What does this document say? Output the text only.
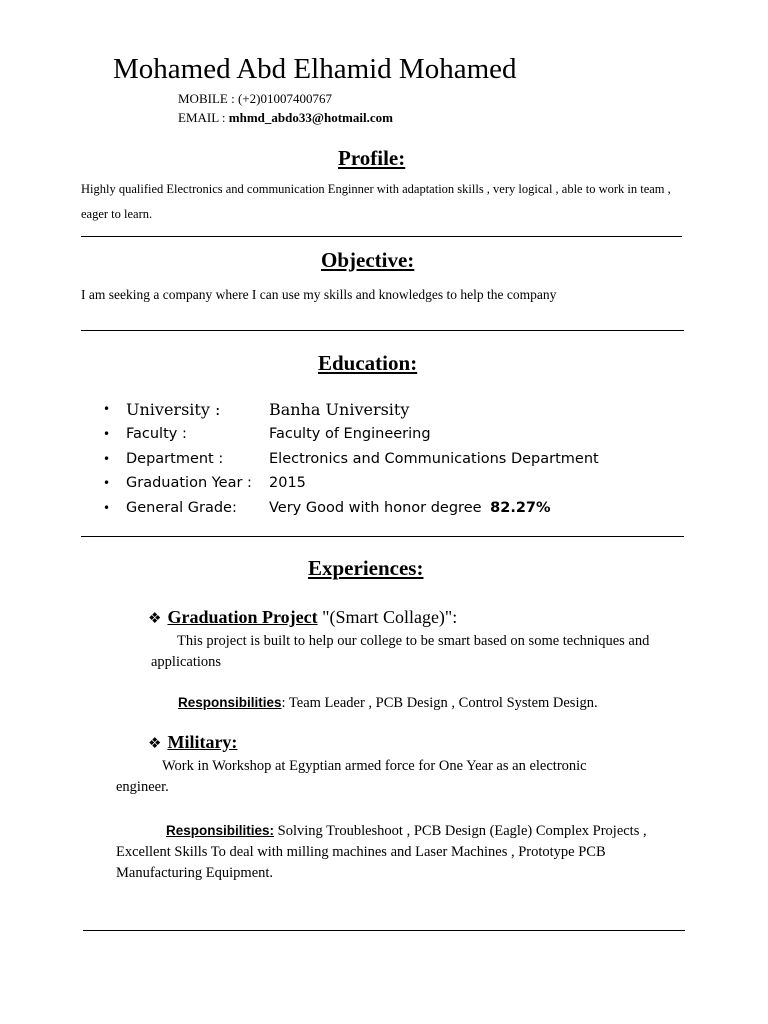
Mohamed Abd Elhamid Mohamed
MOBILE : (+2)01007400767
EMAIL : mhmd_abdo33@hotmail.com
Profile:
Highly qualified Electronics and communication Enginner with adaptation skills , very logical , able to work in team , eager to learn.
Objective:
I am seeking a company where I can use my skills and knowledges to help the company
Education:
• University :	Banha University
•	Faculty :	Faculty of Engineering
•	Department :	Electronics and Communications Department
•	Graduation Year :	2015
•	General Grade:	Very Good with honor degree 82.27%
Experiences:
❖ Graduation Project "(Smart Collage)":
This project is built to help our college to be smart based on some techniques and applications
Responsibilities: Team Leader , PCB Design , Control System Design.
❖ Military:
Work in Workshop at Egyptian armed force for One Year as an electronic engineer.
Responsibilities: Solving Troubleshoot , PCB Design (Eagle) Complex Projects , Excellent Skills To deal with milling machines and Laser Machines , Prototype PCB Manufacturing Equipment.
